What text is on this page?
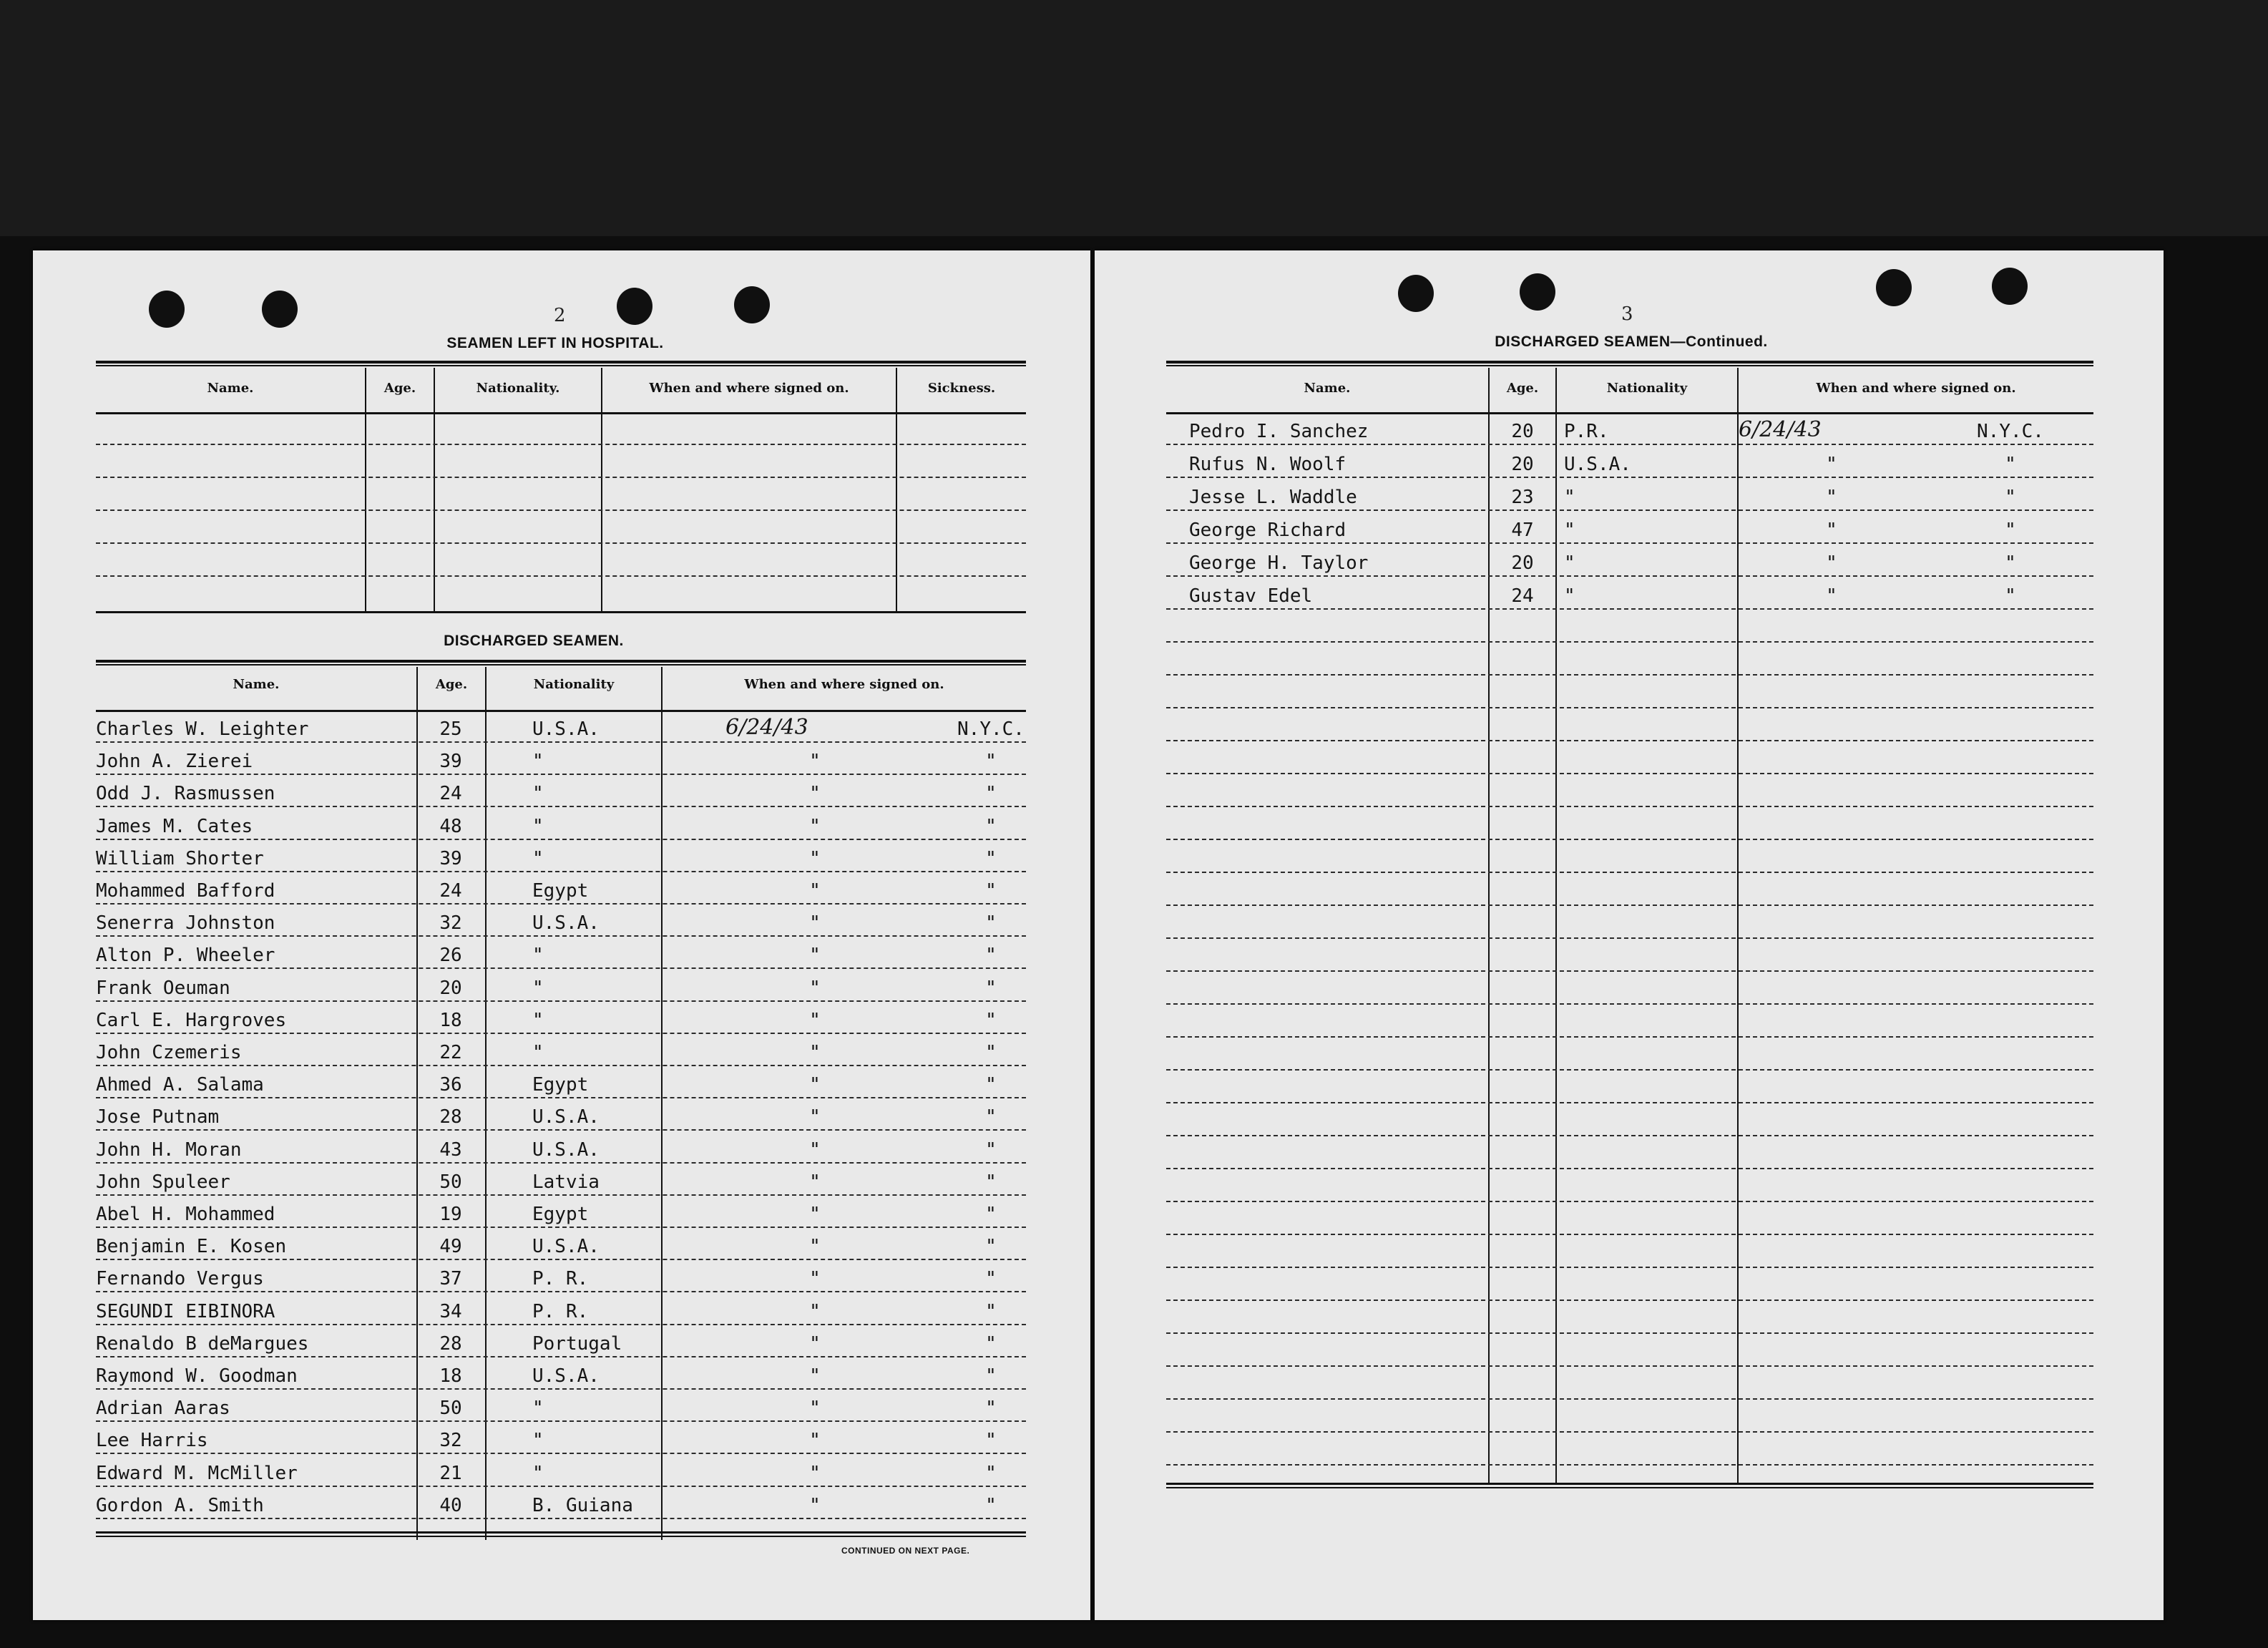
2
SEAMEN LEFT IN HOSPITAL.
Name.	Age.	Nationality.	When and where signed on.	Sickness.
DISCHARGED SEAMEN.
Name.	Age.	Nationality	When and where signed on.
Charles W. Leighter	25	U.S.A.	6/24/43	N.Y.C.
John A. Zierei	39	"	"	"
Odd J. Rasmussen	24	"	"	"
James M. Cates	48	"	"	"
William Shorter	39	"	"	"
Mohammed Bafford	24	Egypt	"	"
Senerra Johnston	32	U.S.A.	"	"
Alton P. Wheeler	26	"	"	"
Frank Oeuman	20	"	"	"
Carl E. Hargroves	18	"	"	"
John Czemeris	22	"	"	"
Ahmed A. Salama	36	Egypt	"	"
Jose Putnam	28	U.S.A.	"	"
John H. Moran	43	U.S.A.	"	"
John Spuleer	50	Latvia	"	"
Abel H. Mohammed	19	Egypt	"	"
Benjamin E. Kosen	49	U.S.A.	"	"
Fernando Vergus	37	P. R.	"	"
SEGUNDI EIBINORA	34	P. R.	"	"
Renaldo B deMargues	28	Portugal	"	"
Raymond W. Goodman	18	U.S.A.	"	"
Adrian Aaras	50	"	"	"
Lee Harris	32	"	"	"
Edward M. McMiller	21	"	"	"
Gordon A. Smith	40	B. Guiana	"	"
CONTINUED ON NEXT PAGE.
3
DISCHARGED SEAMEN—Continued.
Name.	Age.	Nationality	When and where signed on.
Pedro I. Sanchez	20	P.R.	6/24/43	N.Y.C.
Rufus N. Woolf	20	U.S.A.	"	"
Jesse L. Waddle	23	"	"	"
George Richard	47	"	"	"
George H. Taylor	20	"	"	"
Gustav Edel	24	"	"	"
